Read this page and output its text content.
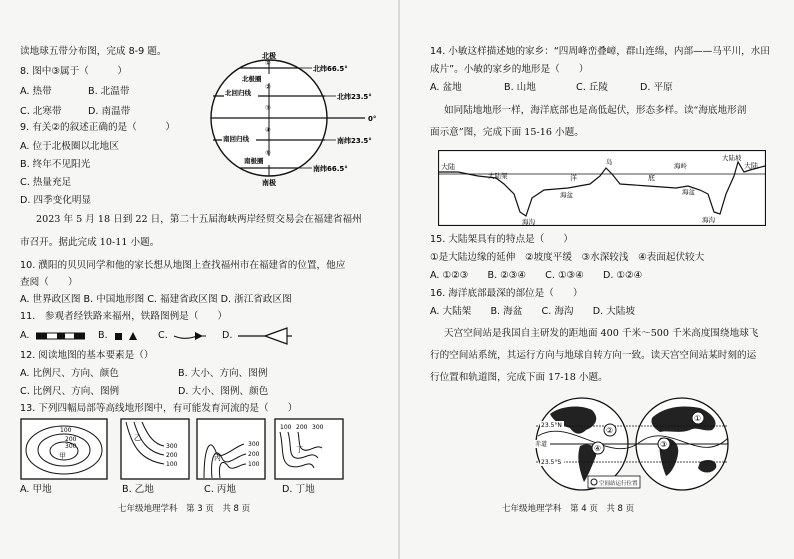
读地球五带分布图，完成 8-9 题。
8. 图中③属于（　　　）
A. 热带	B. 北温带
C. 北寒带	D. 南温带
9. 有关②的叙述正确的是（　　　）
A. 位于北极圈以北地区
B. 终年不见阳光
C. 热量充足
D. 四季变化明显
北极
南极
北极圈
北回归线
南回归线
南极圈
①
②
③
④
⑤
北纬66.5°
北纬23.5°
0°
南纬23.5°
南纬66.5°
2023 年 5 月 18 日到 22 日，第二十五届海峡两岸经贸交易会在福建省福州
市召开。据此完成 10-11 小题。
10. 濮阳的贝贝同学和他的家长想从地图上查找福州市在福建省的位置，他应
查阅（　　）
A. 世界政区图 B. 中国地形图 C. 福建省政区图 D. 浙江省政区图
11.　参观者经铁路来福州，铁路图例是（　　）
A.	B.	C.	D.
12. 阅读地图的基本要素是（）
A. 比例尺、方向、颜色	B. 大小、方向、图例
C. 比例尺、方向、图例	D. 大小、图例、颜色
13. 下列四幅局部等高线地形图中，有可能发育河流的是（　　）
100
200
300
甲
300
200
100
乙
300
200
100
丙
100 200 300
丁
A. 甲地	B. 乙地	C. 丙地	D. 丁地
七年级地理学科　第 3 页　共 8 页
14. 小敏这样描述她的家乡：“四周峰峦叠嶂，群山连绵，内部——马平川，水田
成片”。小敏的家乡的地形是（　　）
A. 盆地	B. 山地	C. 丘陵	D. 平原
如同陆地地形一样，海洋底部也是高低起伏，形态多样。读“海底地形剖
面示意”图，完成下面 15-16 小题。
大陆
大陆架
海沟
洋
海盆
岛
底
海岭
海盆
海沟
大陆坡
大陆
15. 大陆架具有的特点是（　　）
①是大陆边缘的延伸　②坡度平缓　③水深较浅　④表面起伏较大
A. ①②③　　B. ②③④　　C. ①③④　　D. ①②④
16. 海洋底部最深的部位是（　　）
A. 大陆架　　B. 海盆　　C. 海沟　　D. 大陆坡
天宫空间站是我国自主研发的距地面 400 千米～500 千米高度围绕地球飞
行的空间站系统，其运行方向与地球自转方向一致。读天宫空间站某时刻的运
行位置和轨道图，完成下面 17-18 小题。
23.5°N
赤道
23.5°S
①
②
③
④
空间站运行位置
七年级地理学科　第 4 页　共 8 页
